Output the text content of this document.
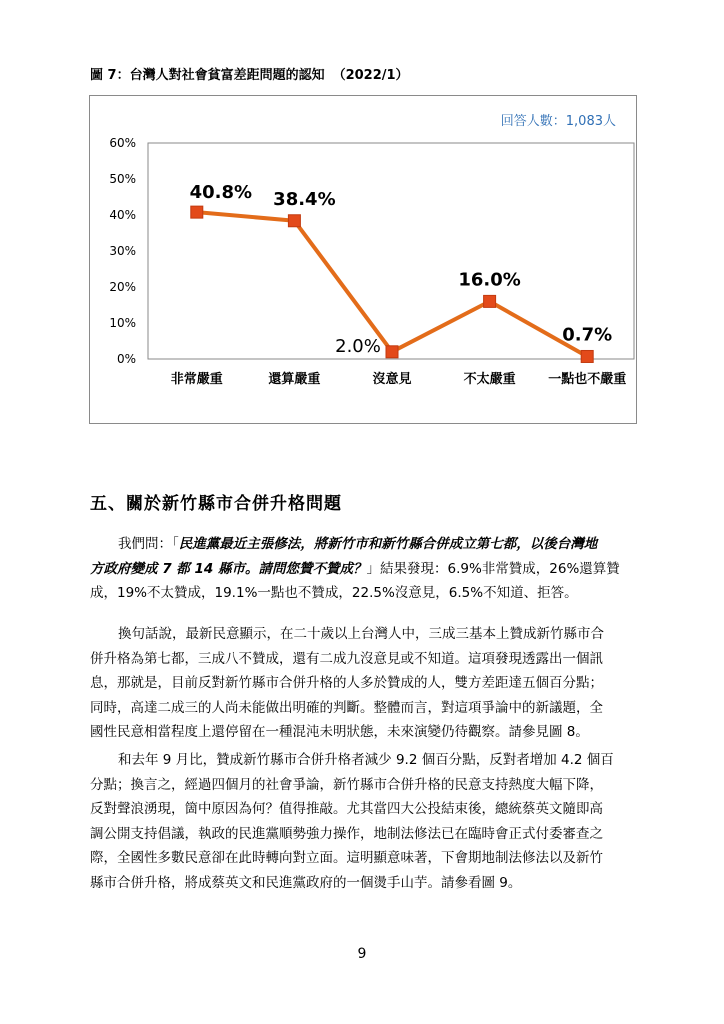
圖 7：台灣人對社會貧富差距問題的認知 （2022/1）
0%
10%
20%
30%
40%
50%
60%
非常嚴重	還算嚴重	沒意見	不太嚴重	一點也不嚴重
40.8% 38.4%
2.0%
16.0%
0.7%
回答人數：1,083人
五、關於新竹縣市合併升格問題
我們問：「民進黨最近主張修法，將新竹市和新竹縣合併成立第七都，以後台灣地
方政府變成 7 都 14 縣市。請問您贊不贊成？」結果發現：6.9%非常贊成，26%還算贊
成，19%不太贊成，19.1%一點也不贊成，22.5%沒意見，6.5%不知道、拒答。
換句話說，最新民意顯示，在二十歲以上台灣人中，三成三基本上贊成新竹縣市合
併升格為第七都，三成八不贊成，還有二成九沒意見或不知道。這項發現透露出一個訊
息，那就是，目前反對新竹縣市合併升格的人多於贊成的人，雙方差距達五個百分點；
同時，高達二成三的人尚未能做出明確的判斷。整體而言，對這項爭論中的新議題，全
國性民意相當程度上還停留在一種混沌未明狀態，未來演變仍待觀察。請參見圖 8。
和去年 9 月比，贊成新竹縣市合併升格者減少 9.2 個百分點，反對者增加 4.2 個百
分點；換言之，經過四個月的社會爭論，新竹縣市合併升格的民意支持熱度大幅下降，
反對聲浪湧現，箇中原因為何？值得推敲。尤其當四大公投結束後，總統蔡英文隨即高
調公開支持倡議，執政的民進黨順勢強力操作，地制法修法已在臨時會正式付委審查之
際，全國性多數民意卻在此時轉向對立面。這明顯意味著，下會期地制法修法以及新竹
縣市合併升格，將成蔡英文和民進黨政府的一個燙手山芋。請參看圖 9。
9
